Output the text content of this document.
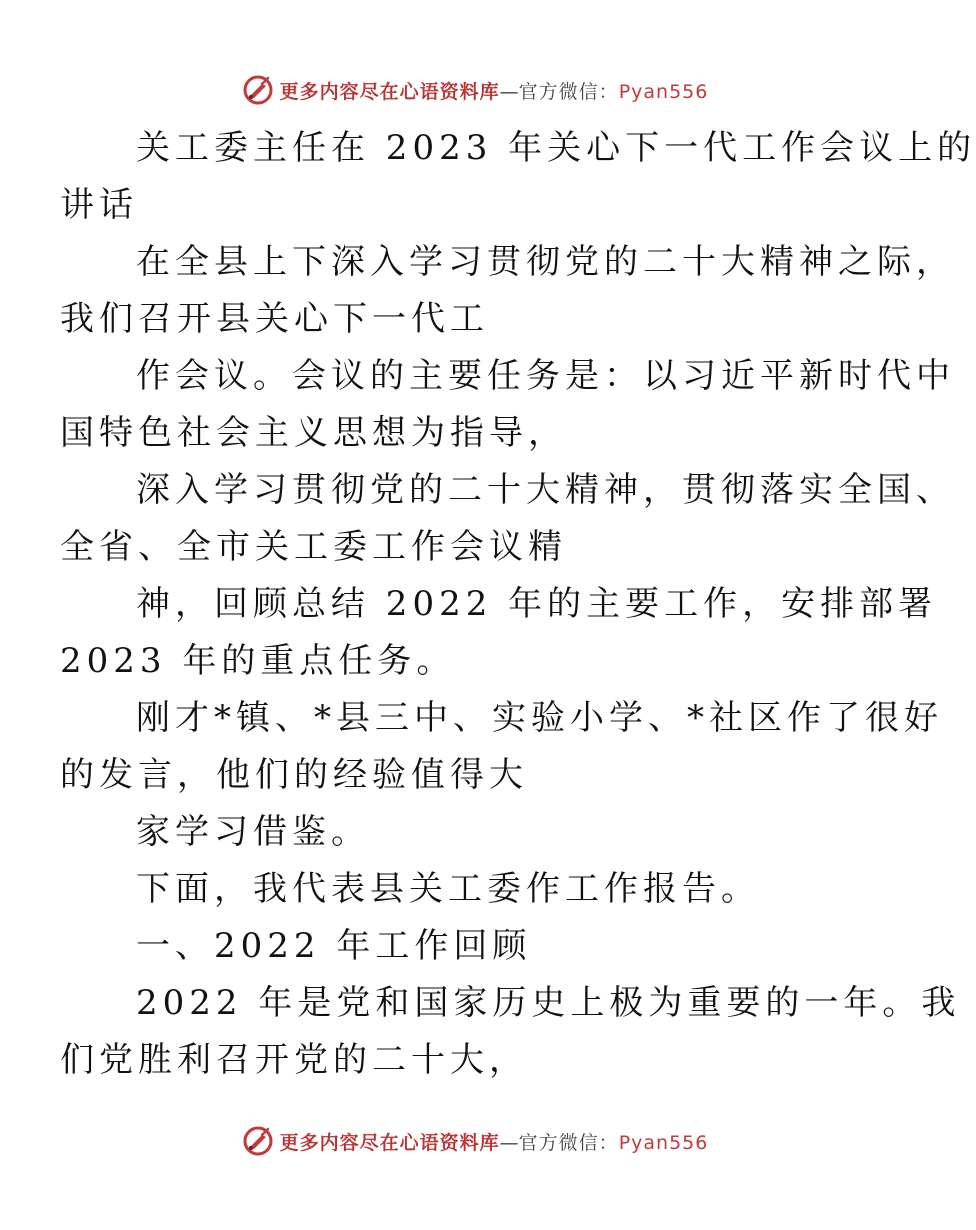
更多内容尽在心语资料库—官方微信：Pyan556

关工委主任在 2023 年关心下一代工作会议上的
讲话

在全县上下深入学习贯彻党的二十大精神之际，
我们召开县关心下一代工

作会议。会议的主要任务是：以习近平新时代中
国特色社会主义思想为指导，

深入学习贯彻党的二十大精神，贯彻落实全国、
全省、全市关工委工作会议精

神，回顾总结 2022 年的主要工作，安排部署
2023 年的重点任务。

刚才*镇、*县三中、实验小学、*社区作了很好
的发言，他们的经验值得大

家学习借鉴。

下面，我代表县关工委作工作报告。

一、2022 年工作回顾

2022 年是党和国家历史上极为重要的一年。我
们党胜利召开党的二十大，

更多内容尽在心语资料库—官方微信：Pyan556
